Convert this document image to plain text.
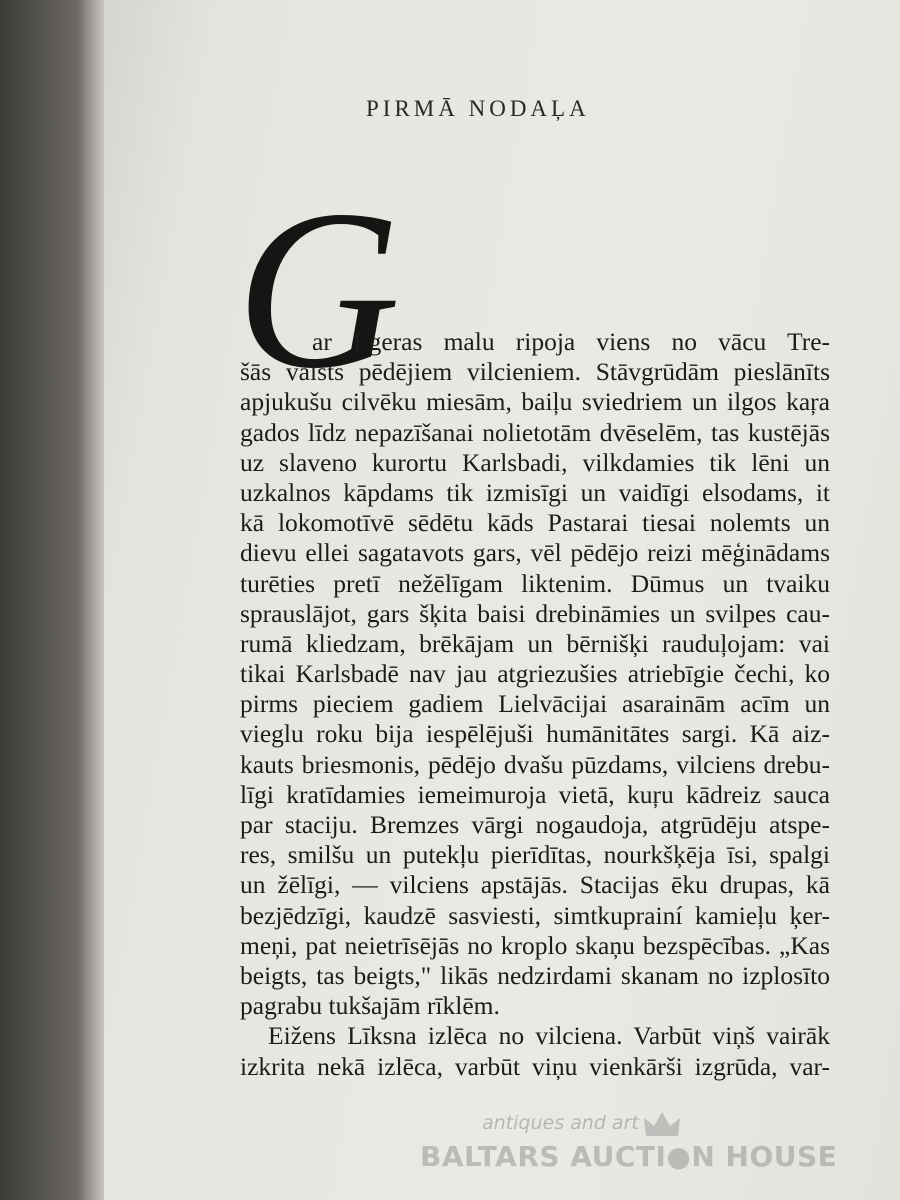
PIRMĀ NODAĻA
G
ar Egeras malu ripoja viens no vācu Tre-
šās valsts pēdējiem vilcieniem. Stāvgrūdām pieslānīts
apjukušu cilvēku miesām, baiļu sviedriem un ilgos kaŗa
gados līdz nepazīšanai nolietotām dvēselēm, tas kustējās
uz slaveno kurortu Karlsbadi, vilkdamies tik lēni un
uzkalnos kāpdams tik izmisīgi un vaidīgi elsodams, it
kā lokomotīvē sēdētu kāds Pastarai tiesai nolemts un
dievu ellei sagatavots gars, vēl pēdējo reizi mēģinādams
turēties pretī nežēlīgam liktenim. Dūmus un tvaiku
sprauslājot, gars šķita baisi drebināmies un svilpes cau-
rumā kliedzam, brēkājam un bērnišķi rauduļojam: vai
tikai Karlsbadē nav jau atgriezušies atriebīgie čechi, ko
pirms pieciem gadiem Lielvācijai asarainām acīm un
vieglu roku bija iespēlējuši humānitātes sargi. Kā aiz-
kauts briesmonis, pēdējo dvašu pūzdams, vilciens drebu-
līgi kratīdamies iemeimuroja vietā, kuŗu kādreiz sauca
par staciju. Bremzes vārgi nogaudoja, atgrūdēju atspe-
res, smilšu un putekļu pierīdītas, nourkšķēja īsi, spalgi
un žēlīgi, — vilciens apstājās. Stacijas ēku drupas, kā
bezjēdzīgi, kaudzē sasviesti, simtkuprainí kamieļu ķer-
meņi, pat neietrīsējās no kroplo skaņu bezspēcības. „Kas
beigts, tas beigts," likās nedzirdami skanam no izplosīto
pagrabu tukšajām rīklēm.
Eižens Līksna izlēca no vilciena. Varbūt viņš vairāk
izkrita nekā izlēca, varbūt viņu vienkārši izgrūda, var-
antiques and art
BALTARS AUCTI●N HOUSE
